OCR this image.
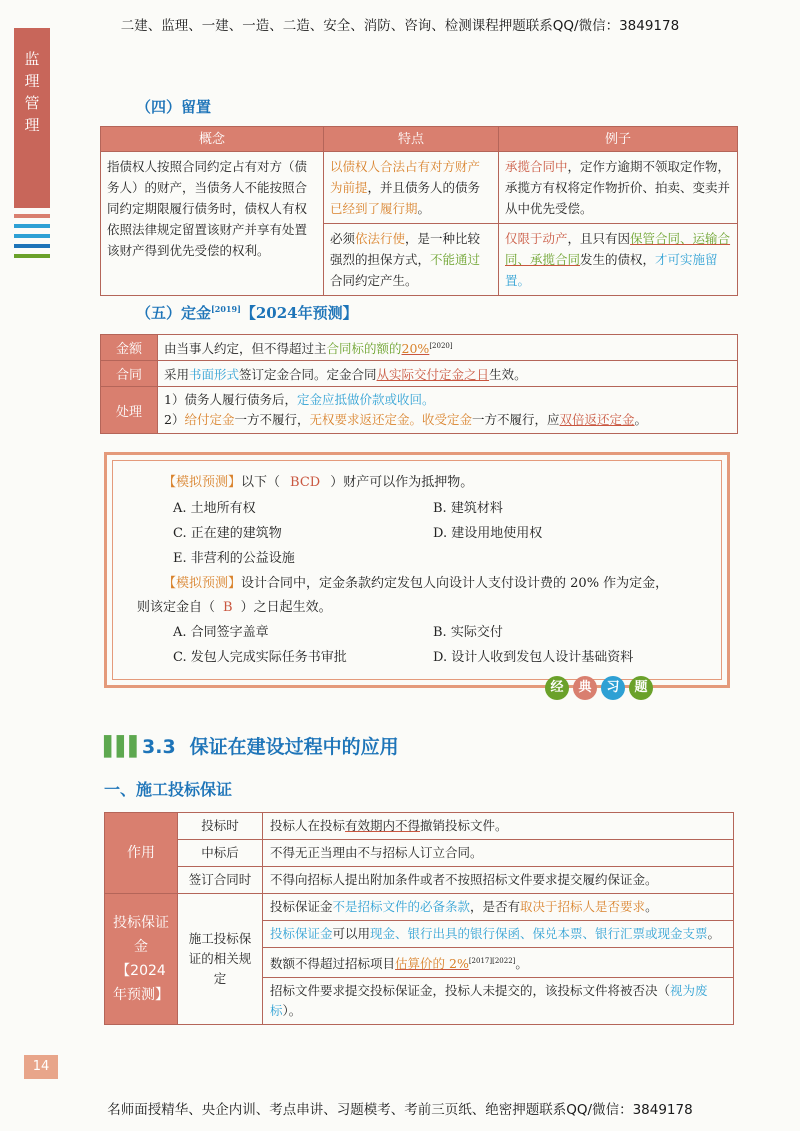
二建、监理、一建、一造、二造、安全、消防、咨询、检测课程押题联系QQ/微信：3849178
监
理
管
理
（四）留置
概念	特点	例子
指债权人按照合同约定占有对方（债务人）的财产，当债务人不能按照合同约定期限履行债务时，债权人有权依照法律规定留置该财产并享有处置该财产得到优先受偿的权利。	以债权人合法占有对方财产为前提，并且债务人的债务已经到了履行期。	承揽合同中，定作方逾期不领取定作物，承揽方有权将定作物折价、拍卖、变卖并从中优先受偿。
	必须依法行使，是一种比较强烈的担保方式，不能通过合同约定产生。	仅限于动产，且只有因保管合同、运输合同、承揽合同发生的债权，才可实施留置。
（五）定金[2019]【2024年预测】
金额	由当事人约定，但不得超过主合同标的额的20%[2020]
合同	采用书面形式签订定金合同。定金合同从实际交付定金之日生效。
处理	1）债务人履行债务后，定金应抵做价款或收回。
2）给付定金一方不履行，无权要求返还定金。收受定金一方不履行，应双倍返还定金。
【模拟预测】以下（ BCD ）财产可以作为抵押物。
A. 土地所有权	B. 建筑材料
C. 正在建的建筑物	D. 建设用地使用权
E. 非营利的公益设施
【模拟预测】设计合同中，定金条款约定发包人向设计人支付设计费的 20% 作为定金，
则该定金自（ B ）之日起生效。
A. 合同签字盖章	B. 实际交付
C. 发包人完成实际任务书审批	D. 设计人收到发包人设计基础资料
经	典	习	题
▌▌▌3.3 保证在建设过程中的应用
一、施工投标保证
作用	投标时	投标人在投标有效期内不得撤销投标文件。
	中标后	不得无正当理由不与招标人订立合同。
	签订合同时	不得向招标人提出附加条件或者不按照招标文件要求提交履约保证金。
投标保证金【2024年预测】	施工投标保证的相关规定	投标保证金不是招标文件的必备条款，是否有取决于招标人是否要求。
		投标保证金可以用现金、银行出具的银行保函、保兑本票、银行汇票或现金支票。
		数额不得超过招标项目估算价的 2%[2017][2022]。
		招标文件要求提交投标保证金，投标人未提交的，该投标文件将被否决（视为废标）。
14
名师面授精华、央企内训、考点串讲、习题模考、考前三页纸、绝密押题联系QQ/微信：3849178
